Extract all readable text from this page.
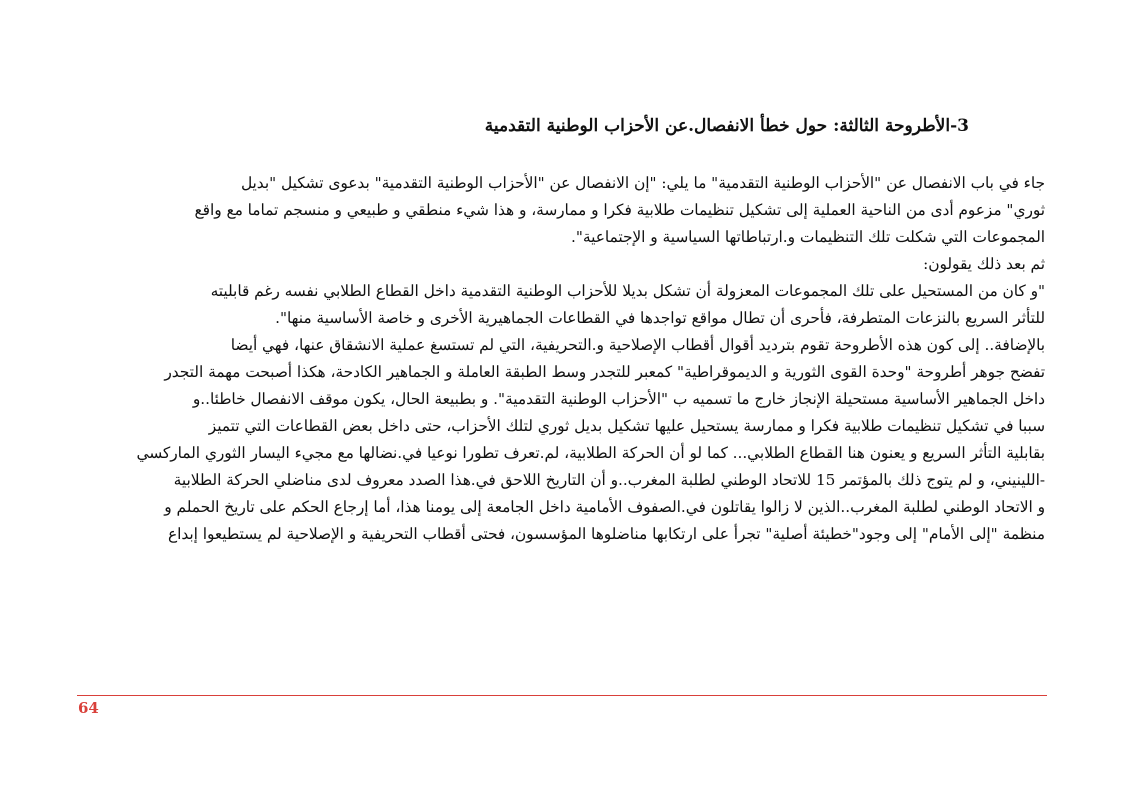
3-الأطروحة الثالثة: حول خطأ الانفصال.عن الأحزاب الوطنية التقدمية
جاء في باب الانفصال عن "الأحزاب الوطنية التقدمية" ما يلي: "إن الانفصال عن "الأحزاب الوطنية التقدمية" بدعوى تشكيل "بديل
ثوري" مزعوم أدى من الناحية العملية إلى تشكيل تنظيمات طلابية فكرا و ممارسة، و هذا شيء منطقي و طبيعي و منسجم تماما مع واقع
المجموعات التي شكلت تلك التنظيمات و.ارتباطاتها السياسية و الإجتماعية".
ثم بعد ذلك يقولون:
"و كان من المستحيل على تلك المجموعات المعزولة أن تشكل بديلا للأحزاب الوطنية التقدمية داخل القطاع الطلابي نفسه رغم قابليته
للتأثر السريع بالنزعات المتطرفة، فأحرى أن تطال مواقع تواجدها في القطاعات الجماهيرية الأخرى و خاصة الأساسية منها".
بالإضافة.. إلى كون هذه الأطروحة تقوم بترديد أقوال أقطاب الإصلاحية و.التحريفية، التي لم تستسغ عملية الانشقاق عنها، فهي أيضا
تفضح جوهر أطروحة "وحدة القوى الثورية و الديموقراطية" كمعبر للتجدر وسط الطبقة العاملة و الجماهير الكادحة، هكذا أصبحت مهمة التجدر
داخل الجماهير الأساسية مستحيلة الإنجاز خارج ما تسميه ب "الأحزاب الوطنية التقدمية". و بطبيعة الحال، يكون موقف الانفصال خاطئا..و
سببا في تشكيل تنظيمات طلابية فكرا و ممارسة يستحيل عليها تشكيل بديل ثوري لتلك الأحزاب، حتى داخل بعض القطاعات التي تتميز
بقابلية التأثر السريع و يعنون هنا القطاع الطلابي... كما لو أن الحركة الطلابية، لم.تعرف تطورا نوعيا في.نضالها مع مجيء اليسار الثوري الماركسي
-اللينيني، و لم يتوج ذلك بالمؤتمر 15 للاتحاد الوطني لطلبة المغرب..و أن التاريخ اللاحق في.هذا الصدد معروف لدى مناضلي الحركة الطلابية
و الاتحاد الوطني لطلبة المغرب..الذين لا زالوا يقاتلون في.الصفوف الأمامية داخل الجامعة إلى يومنا هذا، أما إرجاع الحكم على تاريخ الحملم و
منظمة "إلى الأمام" إلى وجود"خطيئة أصلية" تجرأ على ارتكابها مناضلوها المؤسسون، فحتى أقطاب التحريفية و الإصلاحية لم يستطيعوا إبداع
64
